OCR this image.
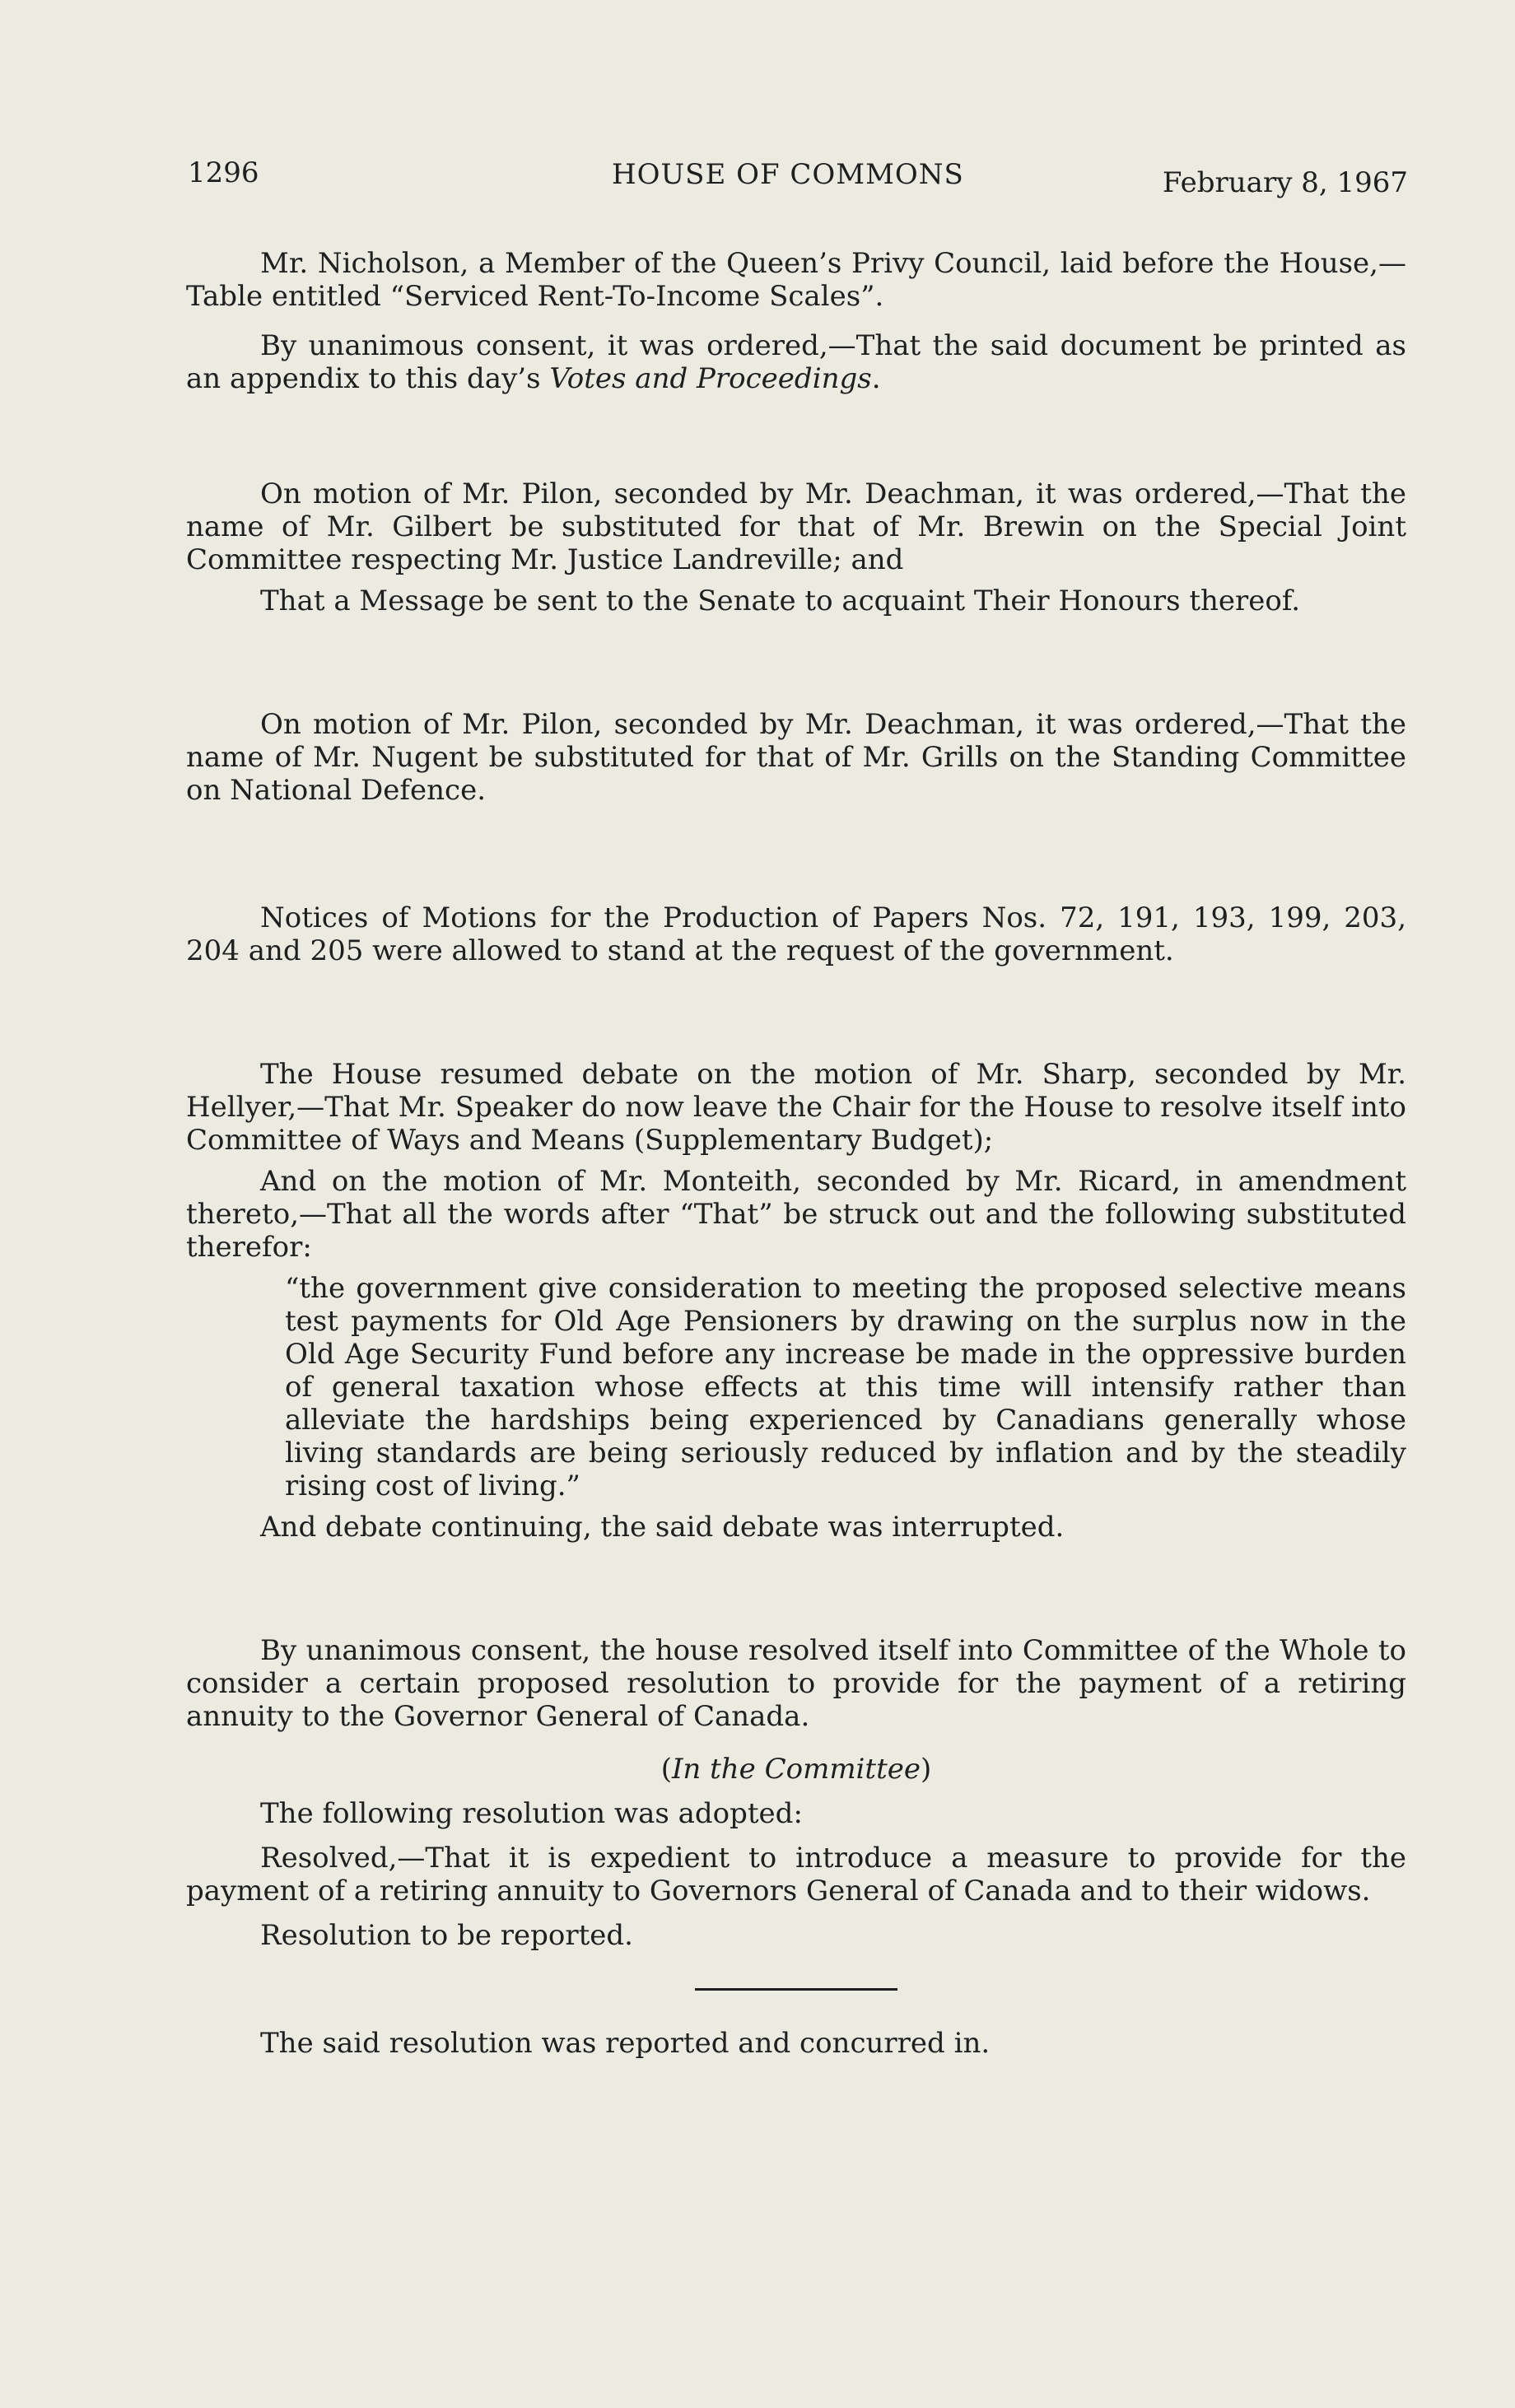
1296	HOUSE OF COMMONS	February 8, 1967

Mr. Nicholson, a Member of the Queen’s Privy Council, laid before the House,—Table entitled “Serviced Rent-To-Income Scales”.

By unanimous consent, it was ordered,—That the said document be printed as an appendix to this day’s Votes and Proceedings.

On motion of Mr. Pilon, seconded by Mr. Deachman, it was ordered,—That the name of Mr. Gilbert be substituted for that of Mr. Brewin on the Special Joint Committee respecting Mr. Justice Landreville; and

That a Message be sent to the Senate to acquaint Their Honours thereof.

On motion of Mr. Pilon, seconded by Mr. Deachman, it was ordered,—That the name of Mr. Nugent be substituted for that of Mr. Grills on the Standing Committee on National Defence.

Notices of Motions for the Production of Papers Nos. 72, 191, 193, 199, 203, 204 and 205 were allowed to stand at the request of the government.

The House resumed debate on the motion of Mr. Sharp, seconded by Mr. Hellyer,—That Mr. Speaker do now leave the Chair for the House to resolve itself into Committee of Ways and Means (Supplementary Budget);

And on the motion of Mr. Monteith, seconded by Mr. Ricard, in amendment thereto,—That all the words after “That” be struck out and the following substituted therefor:

“the government give consideration to meeting the proposed selective means test payments for Old Age Pensioners by drawing on the surplus now in the Old Age Security Fund before any increase be made in the oppressive burden of general taxation whose effects at this time will intensify rather than alleviate the hardships being experienced by Canadians generally whose living standards are being seriously reduced by inflation and by the steadily rising cost of living.”

And debate continuing, the said debate was interrupted.

By unanimous consent, the house resolved itself into Committee of the Whole to consider a certain proposed resolution to provide for the payment of a retiring annuity to the Governor General of Canada.

(In the Committee)

The following resolution was adopted:

Resolved,—That it is expedient to introduce a measure to provide for the payment of a retiring annuity to Governors General of Canada and to their widows.

Resolution to be reported.

The said resolution was reported and concurred in.
